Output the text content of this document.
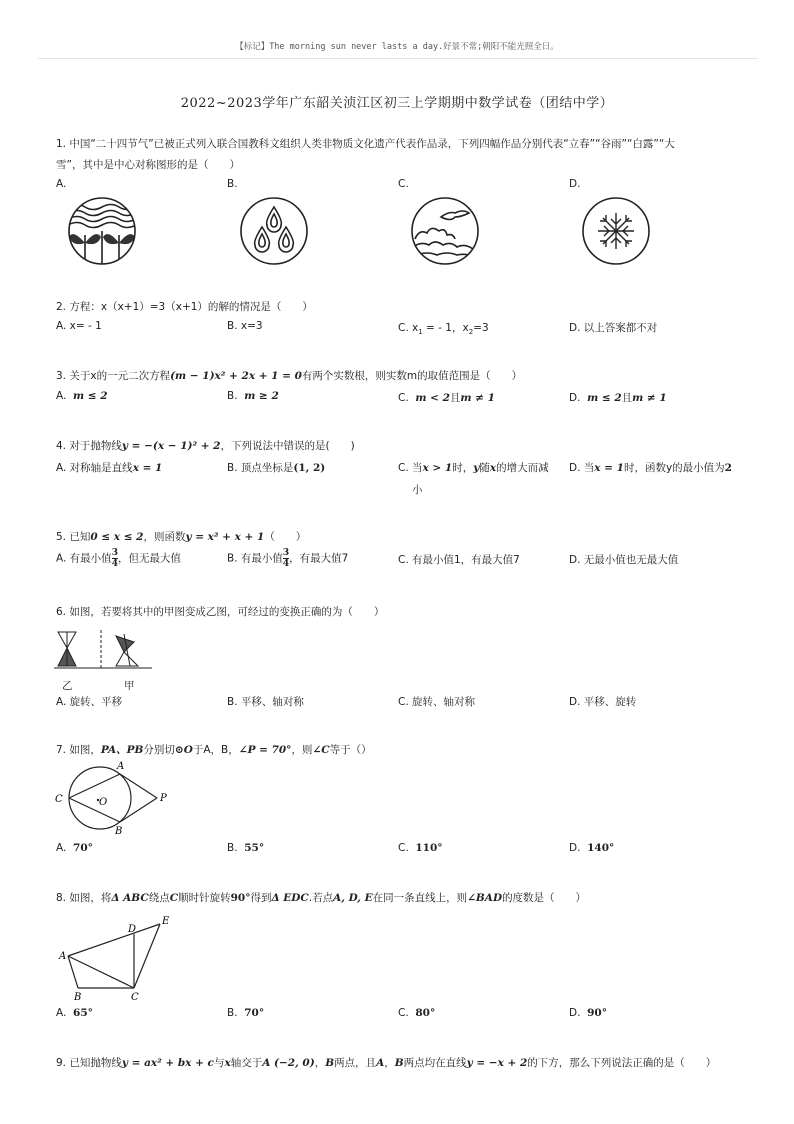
【标记】The morning sun never lasts a day.好景不常;朝阳不能光照全日。
2022~2023学年广东韶关浈江区初三上学期期中数学试卷（团结中学）
1. 中国“二十四节气”已被正式列入联合国教科文组织人类非物质文化遗产代表作品录，下列四幅作品分别代表“立春”“谷雨”“白露”“大
雪”，其中是中心对称图形的是（　　）
A.	B.	C.	D.
2. 方程：x（x+1）=3（x+1）的解的情况是（　　）
A. x= - 1	B. x=3	C. $x_1$ = - 1，$x_2=3$	D. 以上答案都不对
3. 关于x的一元二次方程(m − 1)x² + 2x + 1 = 0有两个实数根，则实数m的取值范围是（　　）
A. m ≤ 2	B. m ≥ 2	C. m < 2且m ≠ 1	D. m ≤ 2且m ≠ 1
4. 对于抛物线y = −(x − 1)² + 2，下列说法中错误的是(　　)
A. 对称轴是直线x = 1	B. 顶点坐标是(1, 2)	C. 当x > 1时，y随x的增大而减
小
D. 当x = 1时，函数y的最小值为2
5. 已知0 ≤ x ≤ 2，则函数y = x² + x + 1（　　）
A. 有最小值 $\frac{3}{4}$ ，但无最大值	B. 有最小值 $\frac{3}{4}$ ，有最大值7	C. 有最小值1，有最大值7	D. 无最小值也无最大值
6. 如图，若要将其中的甲图变成乙图，可经过的变换正确的为（　　）
乙	甲
A. 旋转、平移	B. 平移、轴对称	C. 旋转、轴对称	D. 平移、旋转
7. 如图，PA、PB分别切⊙O于A，B，∠P = 70°，则∠C等于（）
A
B
C	O	P
A. 70°	B. 55°	C. 110°	D. 140°
8. 如图，将Δ ABC绕点C顺时针旋转90°得到Δ EDC.若点A, D, E在同一条直线上，则∠BAD的度数是（　　）
A
B	C
D
E
A. 65°	B. 70°	C. 80°	D. 90°
9. 已知抛物线y = ax² + bx + c与x轴交于A (−2, 0)，B两点，且A，B两点均在直线y = −x + 2的下方，那么下列说法正确的是（　　）
